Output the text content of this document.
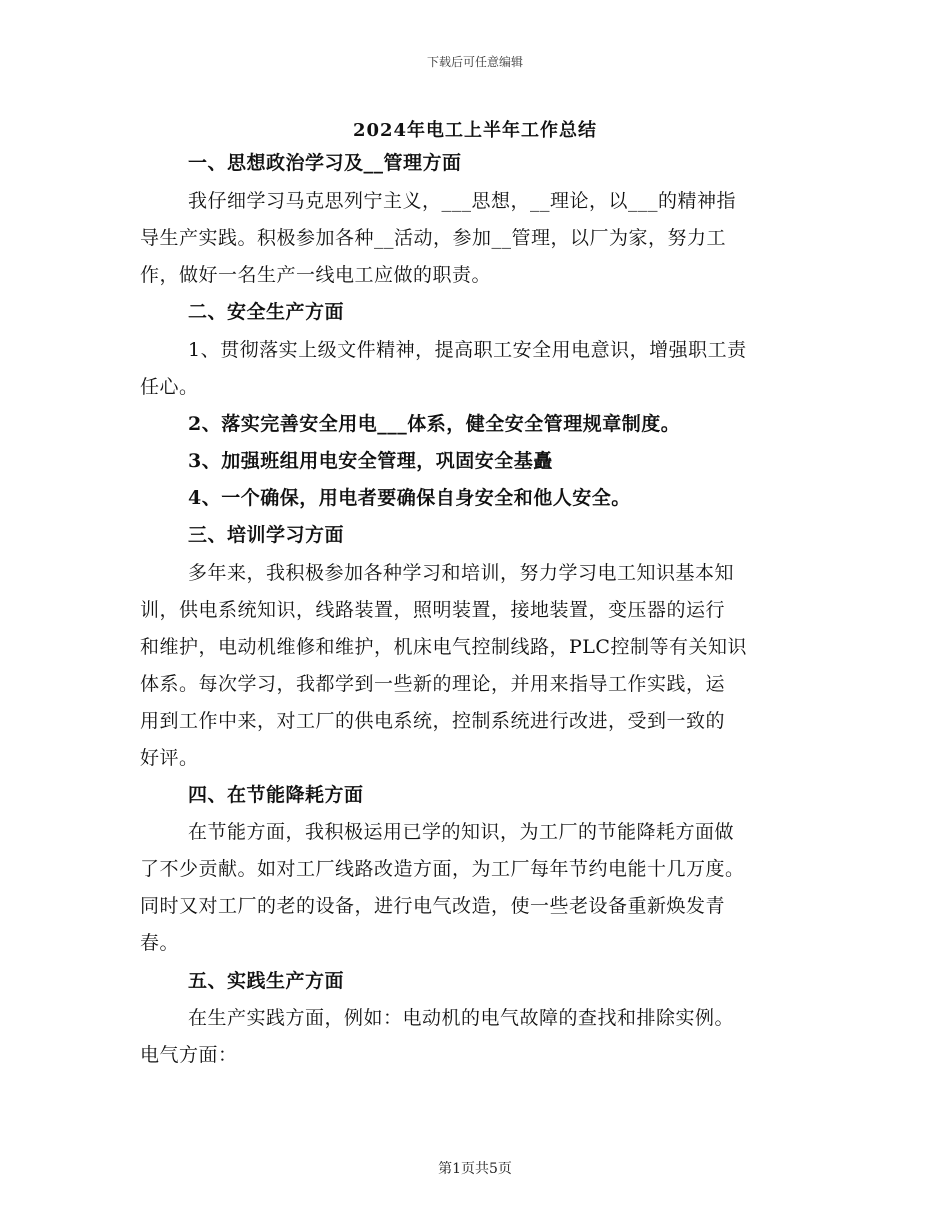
下载后可任意编辑
2024年电工上半年工作总结
一、思想政治学习及__管理方面
我仔细学习马克思列宁主义，___思想，__理论，以___的精神指
导生产实践。积极参加各种__活动，参加__管理，以厂为家，努力工
作，做好一名生产一线电工应做的职责。
二、安全生产方面
1、贯彻落实上级文件精神，提高职工安全用电意识，增强职工责
任心。
2、落实完善安全用电___体系，健全安全管理规章制度。
3、加强班组用电安全管理，巩固安全基矗
4、一个确保，用电者要确保自身安全和他人安全。
三、培训学习方面
多年来，我积极参加各种学习和培训，努力学习电工知识基本知
训，供电系统知识，线路装置，照明装置，接地装置，变压器的运行
和维护，电动机维修和维护，机床电气控制线路，PLC控制等有关知识
体系。每次学习，我都学到一些新的理论，并用来指导工作实践，运
用到工作中来，对工厂的供电系统，控制系统进行改进，受到一致的
好评。
四、在节能降耗方面
在节能方面，我积极运用已学的知识，为工厂的节能降耗方面做
了不少贡献。如对工厂线路改造方面，为工厂每年节约电能十几万度。
同时又对工厂的老的设备，进行电气改造，使一些老设备重新焕发青
春。
五、实践生产方面
在生产实践方面，例如：电动机的电气故障的查找和排除实例。
电气方面：
第1页共5页
